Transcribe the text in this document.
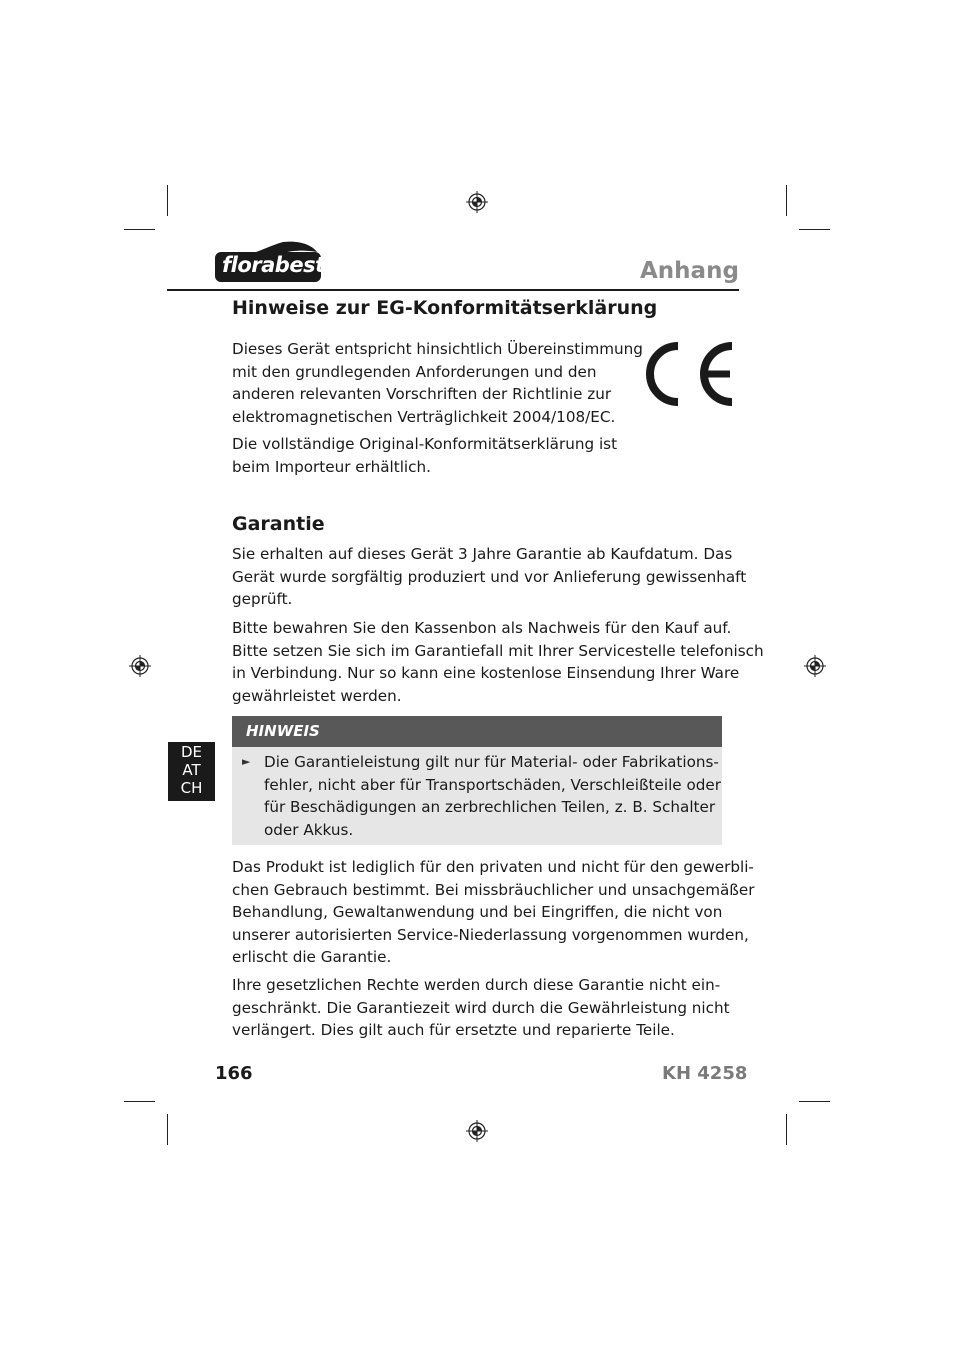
florabest	Anhang
Hinweise zur EG-Konformitätserklärung
Dieses Gerät entspricht hinsichtlich Übereinstimmung
mit den grundlegenden Anforderungen und den
anderen relevanten Vorschriften der Richtlinie zur
elektromagnetischen Verträglichkeit 2004/108/EC.
Die vollständige Original-Konformitätserklärung ist
beim Importeur erhältlich.
Garantie
Sie erhalten auf dieses Gerät 3 Jahre Garantie ab Kaufdatum. Das
Gerät wurde sorgfältig produziert und vor Anlieferung gewissenhaft
geprüft.
Bitte bewahren Sie den Kassenbon als Nachweis für den Kauf auf.
Bitte setzen Sie sich im Garantiefall mit Ihrer Servicestelle telefonisch
in Verbindung. Nur so kann eine kostenlose Einsendung Ihrer Ware
gewährleistet werden.
HINWEIS
► Die Garantieleistung gilt nur für Material- oder Fabrikations-
fehler, nicht aber für Transportschäden, Verschleißteile oder
für Beschädigungen an zerbrechlichen Teilen, z. B. Schalter
oder Akkus.
Das Produkt ist lediglich für den privaten und nicht für den gewerbli-
chen Gebrauch bestimmt. Bei missbräuchlicher und unsachgemäßer
Behandlung, Gewaltanwendung und bei Eingriffen, die nicht von
unserer autorisierten Service-Niederlassung vorgenommen wurden,
erlischt die Garantie.
Ihre gesetzlichen Rechte werden durch diese Garantie nicht ein-
geschränkt. Die Garantiezeit wird durch die Gewährleistung nicht
verlängert. Dies gilt auch für ersetzte und reparierte Teile.
DE
AT
CH
166	KH 4258
